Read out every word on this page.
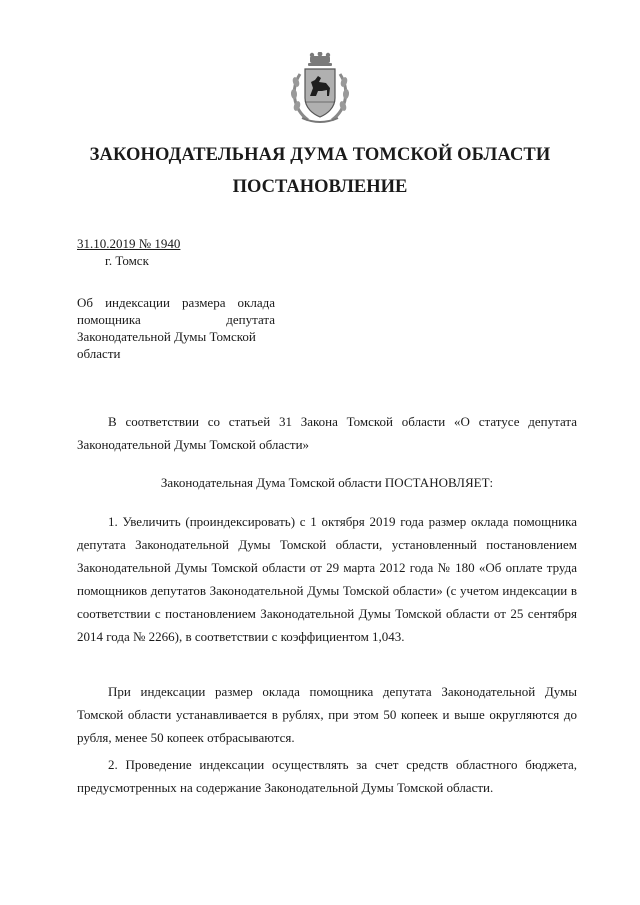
ЗАКОНОДАТЕЛЬНАЯ ДУМА ТОМСКОЙ ОБЛАСТИ
ПОСТАНОВЛЕНИЕ
31.10.2019 № 1940
г. Томск
Об индексации размера оклада
помощника депутата
Законодательной Думы Томской
области

В соответствии со статьей 31 Закона Томской области «О статусе депутата Законодательной Думы Томской области»

Законодательная Дума Томской области ПОСТАНОВЛЯЕТ:

1. Увеличить (проиндексировать) с 1 октября 2019 года размер оклада помощника депутата Законодательной Думы Томской области, установленный постановлением Законодательной Думы Томской области от 29 марта 2012 года № 180 «Об оплате труда помощников депутатов Законодательной Думы Томской области» (с учетом индексации в соответствии с постановлением Законодательной Думы Томской области от 25 сентября 2014 года № 2266), в соответствии с коэффициентом 1,043.

При индексации размер оклада помощника депутата Законодательной Думы Томской области устанавливается в рублях, при этом 50 копеек и выше округляются до рубля, менее 50 копеек отбрасываются.

2. Проведение индексации осуществлять за счет средств областного бюджета, предусмотренных на содержание Законодательной Думы Томской области.
